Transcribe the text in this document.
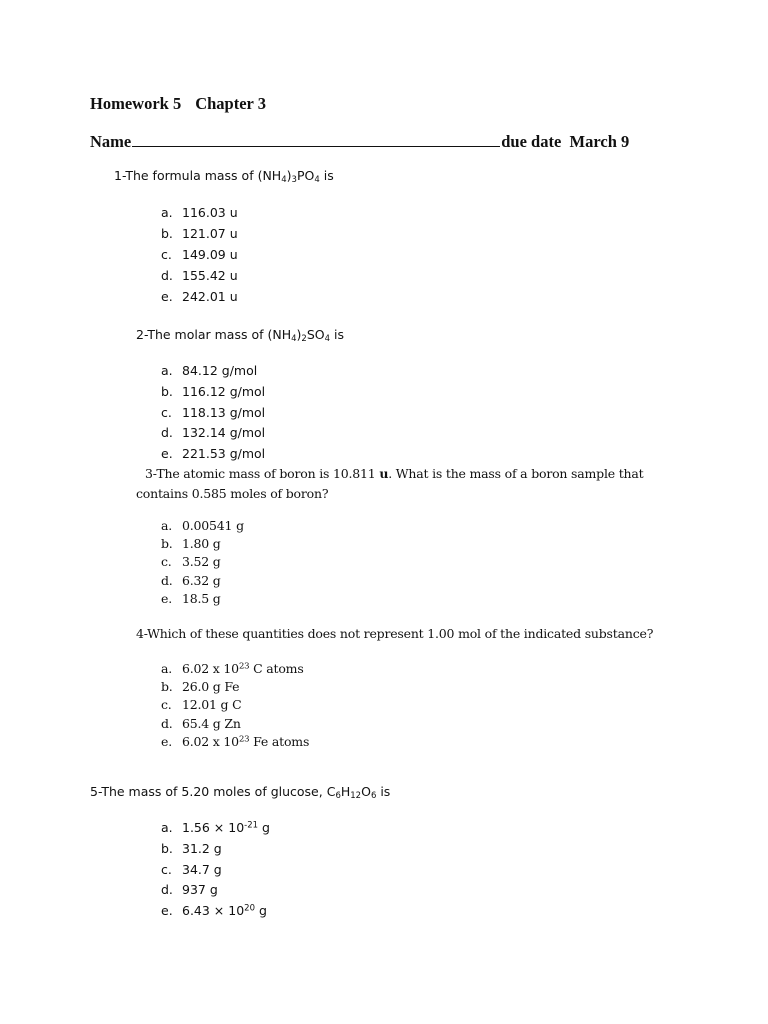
Homework 5 Chapter 3
Name	due date March 9
1-The formula mass of $(NH_4)_3PO_4$ is
a. 116.03 u
b. 121.07 u
c. 149.09 u
d. 155.42 u
e. 242.01 u
2-The molar mass of $(NH_4)_2SO_4$ is
a. 84.12 g/mol
b. 116.12 g/mol
c. 118.13 g/mol
d. 132.14 g/mol
e. 221.53 g/mol
3-The atomic mass of boron is 10.811 u. What is the mass of a boron sample that contains 0.585 moles of boron?
a. 0.00541 g
b. 1.80 g
c. 3.52 g
d. 6.32 g
e. 18.5 g
4-Which of these quantities does not represent 1.00 mol of the indicated substance?
a. 6.02 x $10^{23}$ C atoms
b. 26.0 g Fe
c. 12.01 g C
d. 65.4 g Zn
e. 6.02 x $10^{23}$ Fe atoms
5-The mass of 5.20 moles of glucose, $C_6H_{12}O_6$ is
a. $1.56 \times 10^{-21}$ g
b. 31.2 g
c. 34.7 g
d. 937 g
e. $6.43 \times 10^{20}$ g
